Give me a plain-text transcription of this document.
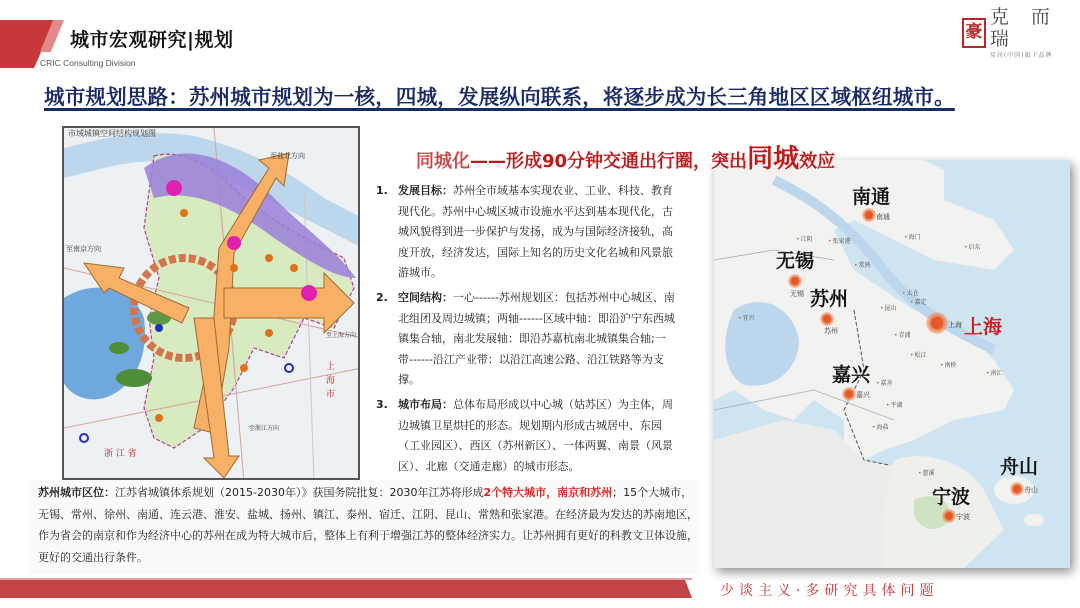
城市宏观研究|规划
CRIC Consulting Division
豪
克 而 瑞
易居(中国)旗下品牌
城市规划思路：苏州城市规划为一核，四城，发展纵向联系，将逐步成为长三角地区区域枢纽城市。
市域城镇空间结构规划图
至南京方向
至盐北方向
至上海方向
至浙江方向
浙 江 省
上 海 市
同城化——形成90分钟交通出行圈，突出同城效应
1. 发展目标：苏州全市域基本实现农业、工业、科技、教育现代化。苏州中心城区城市设施水平达到基本现代化，古城风貌得到进一步保护与发扬，成为与国际经济接轨，高度开放，经济发达，国际上知名的历史文化名城和风景旅游城市。
2. 空间结构：一心------苏州规划区：包括苏州中心城区、南北组团及周边城镇；两轴------区域中轴：即沿沪宁东西城镇集合轴，南北发展轴：即沿苏嘉杭南北城镇集合轴;一带------沿江产业带：以沿江高速公路、沿江铁路等为支撑。
3. 城市布局：总体布局形成以中心城（姑苏区）为主体，周边城镇卫星烘托的形态。规划期内形成古城居中、东园（工业园区）、西区（苏州新区）、一体两翼、南景（风景区）、北廊（交通走廊）的城市形态。
苏州城市区位：江苏省城镇体系规划（2015-2030年）》获国务院批复：2030年江苏将形成2个特大城市，南京和苏州；15个大城市，无锡、常州、徐州、南通、连云港、淮安、盐城、扬州、镇江、泰州、宿迁、江阴、昆山、常熟和张家港。在经济最为发达的苏南地区，作为省会的南京和作为经济中心的苏州在成为特大城市后，整体上有利于增强江苏的整体经济实力。让苏州拥有更好的科教文卫体设施，更好的交通出行条件。
南通
南通
无锡
无锡 苏州
苏州
上海 上海
嘉兴
嘉兴
宁波
宁波
舟山
舟山
• 江阴	• 张家港
• 常熟
• 海门
• 启东
• 太仓
• 嘉定
• 昆山
• 青浦
• 松江
• 宜兴
• 嘉善
• 平湖
• 海盐
• 南汇
• 慈溪
• 南桥
少谈主义·多研究具体问题
